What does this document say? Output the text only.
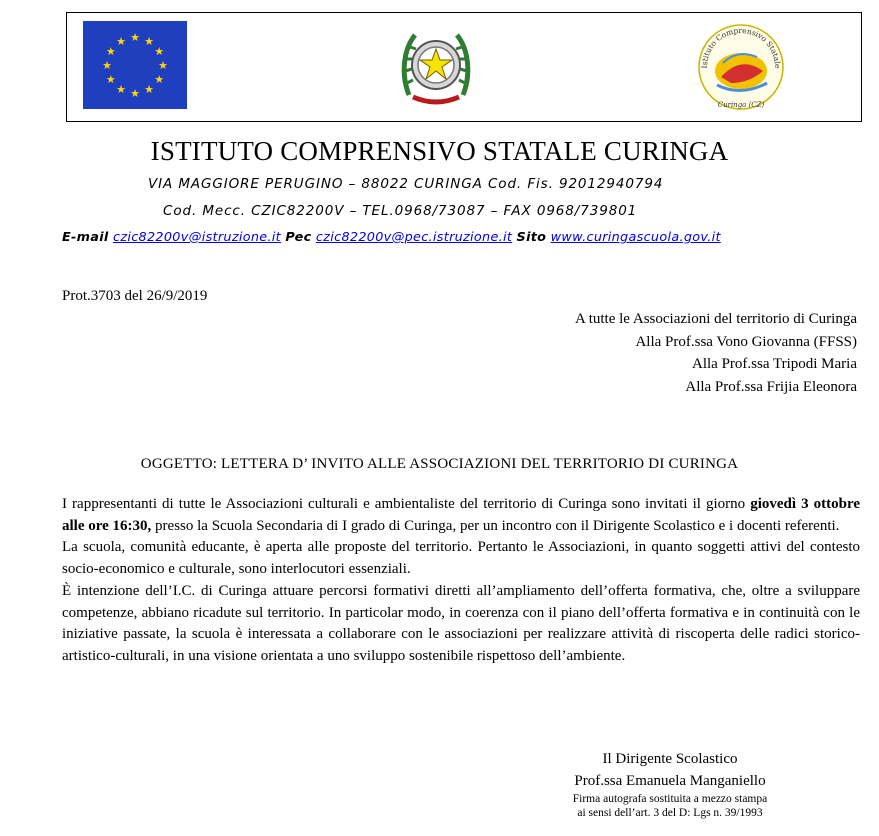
★ ★
★
★
★
★
★
★
★
★
★
★
Istituto Comprensivo Statale
Curinga (CZ)
ISTITUTO COMPRENSIVO STATALE CURINGA
VIA MAGGIORE PERUGINO – 88022 CURINGA Cod. Fis. 92012940794
Cod. Mecc. CZIC82200V – TEL.0968/73087 – FAX 0968/739801
E-mail czic82200v@istruzione.it Pec czic82200v@pec.istruzione.it Sito www.curingascuola.gov.it
Prot.3703 del 26/9/2019
A tutte le Associazioni del territorio di Curinga
Alla Prof.ssa Vono Giovanna (FFSS)
Alla Prof.ssa Tripodi Maria
Alla Prof.ssa Frijia Eleonora
OGGETTO: LETTERA D’ INVITO ALLE ASSOCIAZIONI DEL TERRITORIO DI CURINGA

I rappresentanti di tutte le Associazioni culturali e ambientaliste del territorio di Curinga sono invitati il giorno giovedì 3 ottobre alle ore 16:30, presso la Scuola Secondaria di I grado di Curinga, per un incontro con il Dirigente Scolastico e i docenti referenti.

La scuola, comunità educante, è aperta alle proposte del territorio. Pertanto le Associazioni, in quanto soggetti attivi del contesto socio-economico e culturale, sono interlocutori essenziali.

È intenzione dell’I.C. di Curinga attuare percorsi formativi diretti all’ampliamento dell’offerta formativa, che, oltre a sviluppare competenze, abbiano ricadute sul territorio. In particolar modo, in coerenza con il piano dell’offerta formativa e in continuità con le iniziative passate, la scuola è interessata a collaborare con le associazioni per realizzare attività di riscoperta delle radici storico-artistico-culturali, in una visione orientata a uno sviluppo sostenibile rispettoso dell’ambiente.

Il Dirigente Scolastico
Prof.ssa Emanuela Manganiello
Firma autografa sostituita a mezzo stampa
ai sensi dell’art. 3 del D: Lgs n. 39/1993
